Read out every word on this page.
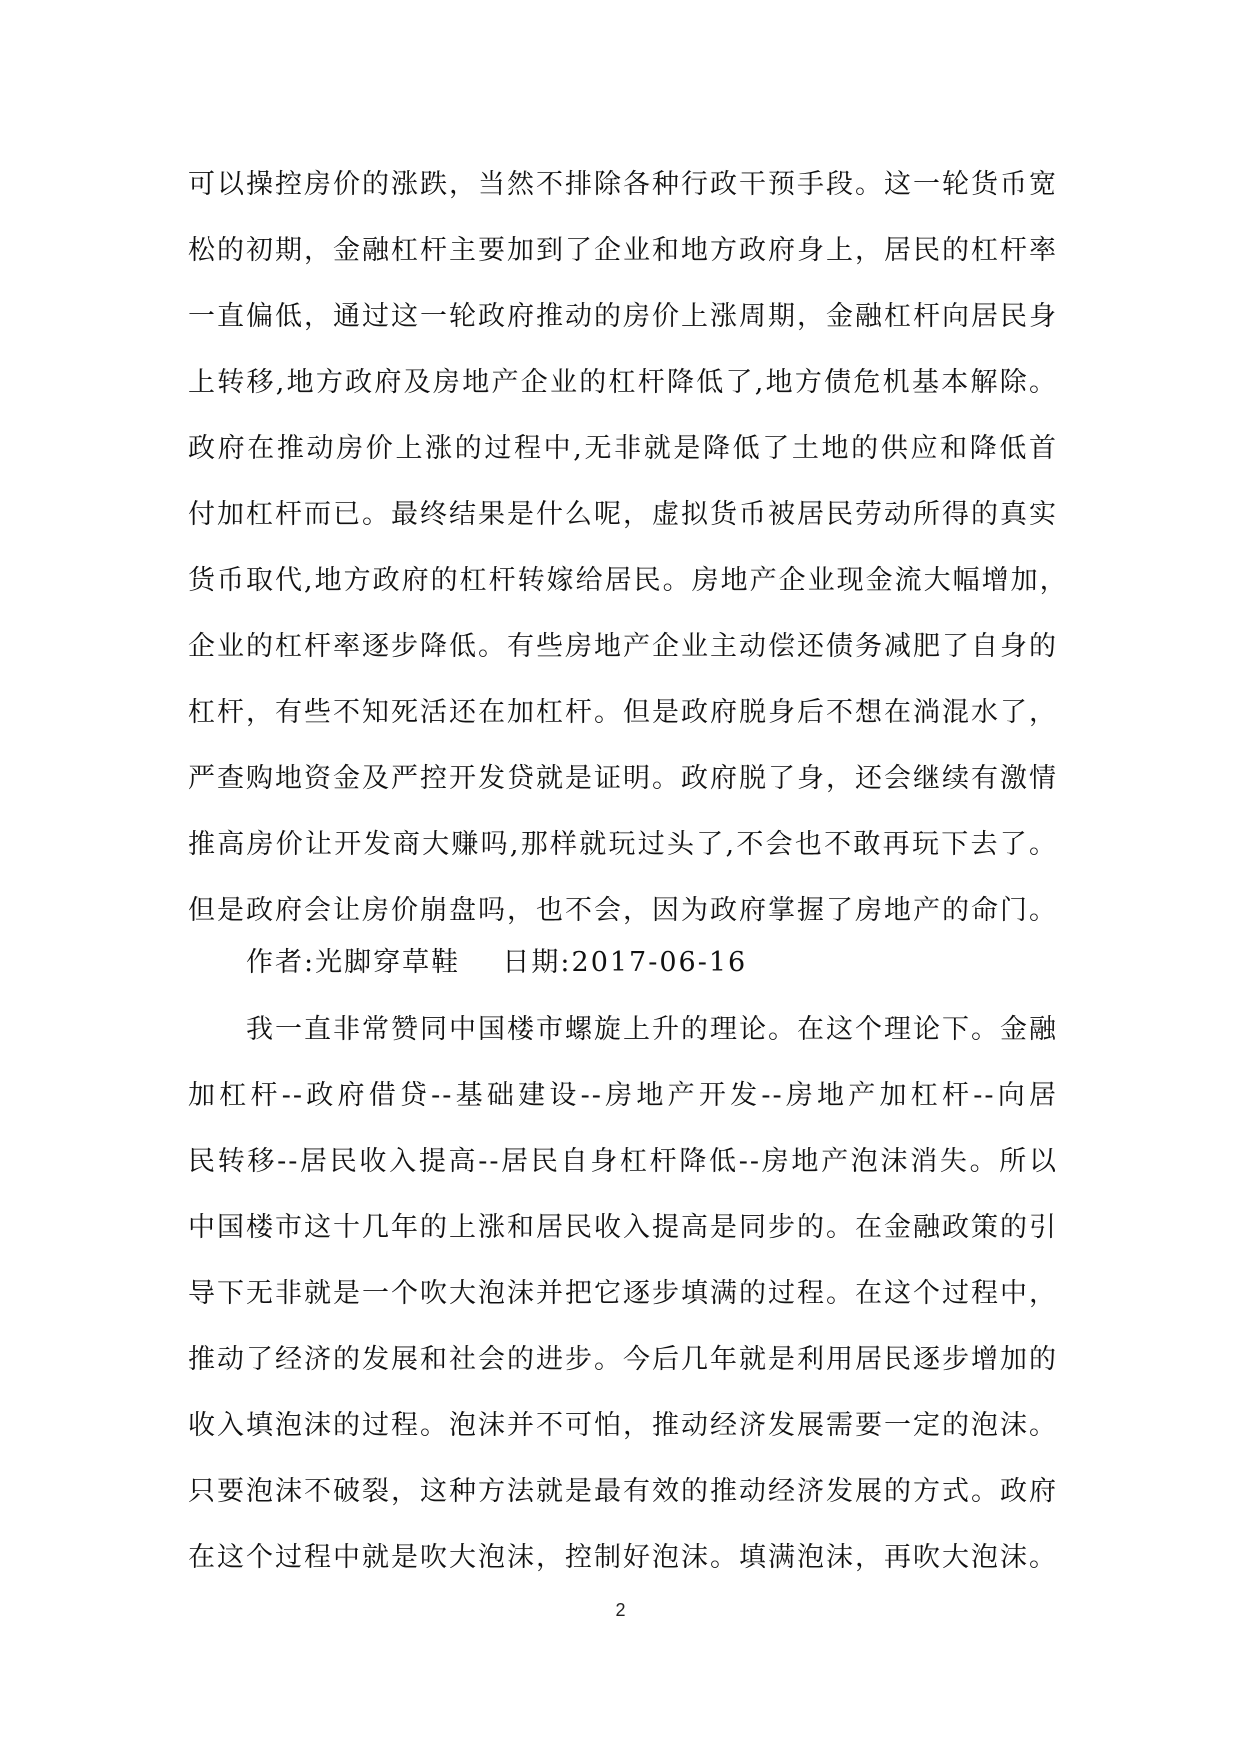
可以操控房价的涨跌，当然不排除各种行政干预手段。这一轮货币宽
松的初期，金融杠杆主要加到了企业和地方政府身上，居民的杠杆率
一直偏低，通过这一轮政府推动的房价上涨周期，金融杠杆向居民身
上转移,地方政府及房地产企业的杠杆降低了,地方债危机基本解除。
政府在推动房价上涨的过程中,无非就是降低了土地的供应和降低首
付加杠杆而已。最终结果是什么呢，虚拟货币被居民劳动所得的真实
货币取代,地方政府的杠杆转嫁给居民。房地产企业现金流大幅增加，
企业的杠杆率逐步降低。有些房地产企业主动偿还债务减肥了自身的
杠杆，有些不知死活还在加杠杆。但是政府脱身后不想在淌混水了，
严查购地资金及严控开发贷就是证明。政府脱了身，还会继续有激情
推高房价让开发商大赚吗,那样就玩过头了,不会也不敢再玩下去了。
但是政府会让房价崩盘吗，也不会，因为政府掌握了房地产的命门。
作者:光脚穿草鞋    日期:2017-06-16
我一直非常赞同中国楼市螺旋上升的理论。在这个理论下。金融
加杠杆--政府借贷--基础建设--房地产开发--房地产加杠杆--向居
民转移--居民收入提高--居民自身杠杆降低--房地产泡沫消失。所以
中国楼市这十几年的上涨和居民收入提高是同步的。在金融政策的引
导下无非就是一个吹大泡沫并把它逐步填满的过程。在这个过程中，
推动了经济的发展和社会的进步。今后几年就是利用居民逐步增加的
收入填泡沫的过程。泡沫并不可怕，推动经济发展需要一定的泡沫。
只要泡沫不破裂，这种方法就是最有效的推动经济发展的方式。政府
在这个过程中就是吹大泡沫，控制好泡沫。填满泡沫，再吹大泡沫。
2
